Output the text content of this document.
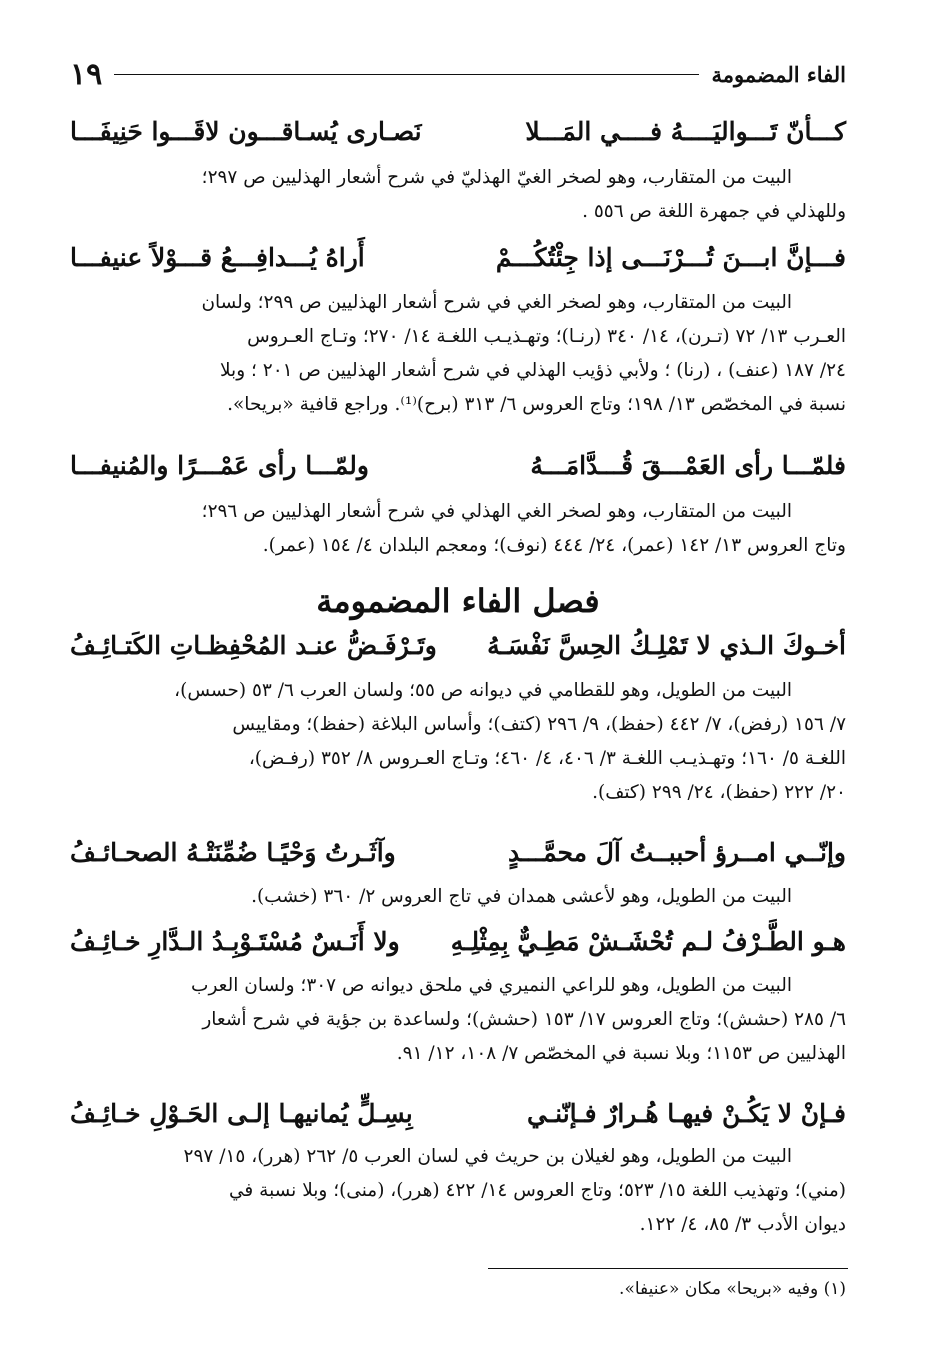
الفاء المضمومة
١٩
كـــأنّ تَـــواليَــــهُ فــــي المَـــلا
نَصـارى يُسـاقـــون لاقَـــوا حَنِيفَـــا
البيت من المتقارب، وهو لصخر الغيّ الهذليّ في شرح أشعار الهذليين ص ٢٩٧؛
وللهذلي في جمهرة اللغة ص ٥٥٦ .
فـــإنَّ ابـــنَ تُـــرْنَـــى إذا جِئْتُكُـــمْ
أَراهُ يُـــدافِـــعُ قـــوْلاً عنيفـــا
البيت من المتقارب، وهو لصخر الغي في شرح أشعار الهذليين ص ٢٩٩؛ ولسان
العـرب ١٣/ ٧٢ (تـرن)، ١٤/ ٣٤٠ (رنـا)؛ وتهـذيـب اللغـة ١٤/ ٢٧٠؛ وتـاج العـروس
٢٤/ ١٨٧ (عنف) ، (رنا) ؛ ولأبي ذؤيب الهذلي في شرح أشعار الهذليين ص ٢٠١ ؛ وبلا
نسبة في المخصّص ١٣/ ١٩٨؛ وتاج العروس ٦/ ٣١٣ (برح)⁽¹⁾. وراجع قافية «بريحا».
فلمّـــا رأى العَمْـــقَ قُـــدَّامَـــهُ
ولمّـــا رأى عَمْـــرًا والمُنيفـــا
البيت من المتقارب، وهو لصخر الغي الهذلي في شرح أشعار الهذليين ص ٢٩٦؛
وتاج العروس ١٣/ ١٤٢ (عمر)، ٢٤/ ٤٤٤ (نوف)؛ ومعجم البلدان ٤/ ١٥٤ (عمر).
فصل الفاء المضمومة
أخـوكَ الـذي لا تَمْلِـكُ الحِسَّ نَفْسَـهُ
وتَـرْفَـضُّ عنـد المُحْفِظـاتِ الكَتـائِـفُ
البيت من الطويل، وهو للقطامي في ديوانه ص ٥٥؛ ولسان العرب ٦/ ٥٣ (حسس)،
٧/ ١٥٦ (رفض)، ٧/ ٤٤٢ (حفظ)، ٩/ ٢٩٦ (كتف)؛ وأساس البلاغة (حفظ)؛ ومقاييس
اللغـة ٥/ ١٦٠؛ وتهـذيـب اللغـة ٣/ ٤٠٦، ٤/ ٤٦٠؛ وتـاج العـروس ٨/ ٣٥٢ (رفـض)،
٢٠/ ٢٢٢ (حفظ)، ٢٤/ ٢٩٩ (كتف).
وإنّــي امــرؤ أحببــتُ آلَ محمَّـــدٍ
وآثَـرتُ وَحْيًـا ضُمِّنَتْـهُ الصحـائـفُ
البيت من الطويل، وهو لأعشى همدان في تاج العروس ٢/ ٣٦٠ (خشب).
هـو الطَّـرْفُ لـم تُحْشَـشْ مَطِـيٌّ بِمِثْلِـهِ
ولا أَنَـسٌ مُسْتَـوْبِـدُ الـدَّارِ خـائِـفُ
البيت من الطويل، وهو للراعي النميري في ملحق ديوانه ص ٣٠٧؛ ولسان العرب
٦/ ٢٨٥ (حشش)؛ وتاج العروس ١٧/ ١٥٣ (حشش)؛ ولساعدة بن جؤية في شرح أشعار
الهذليين ص ١١٥٣؛ وبلا نسبة في المخصّص ٧/ ١٠٨، ١٢/ ٩١.
فـإنْ لا يَكُـنْ فيهـا هُـرارٌ فـإنّنـي
بِسِـلٍّ يُمانيهـا إلـى الحَـوْلِ خـائِـفُ
البيت من الطويل، وهو لغيلان بن حريث في لسان العرب ٥/ ٢٦٢ (هرر)، ١٥/ ٢٩٧
(مني)؛ وتهذيب اللغة ١٥/ ٥٢٣؛ وتاج العروس ١٤/ ٤٢٢ (هرر)، (منى)؛ وبلا نسبة في
ديوان الأدب ٣/ ٨٥، ٤/ ١٢٢.
(١) وفيه «بريحا» مكان «عنيفا».
